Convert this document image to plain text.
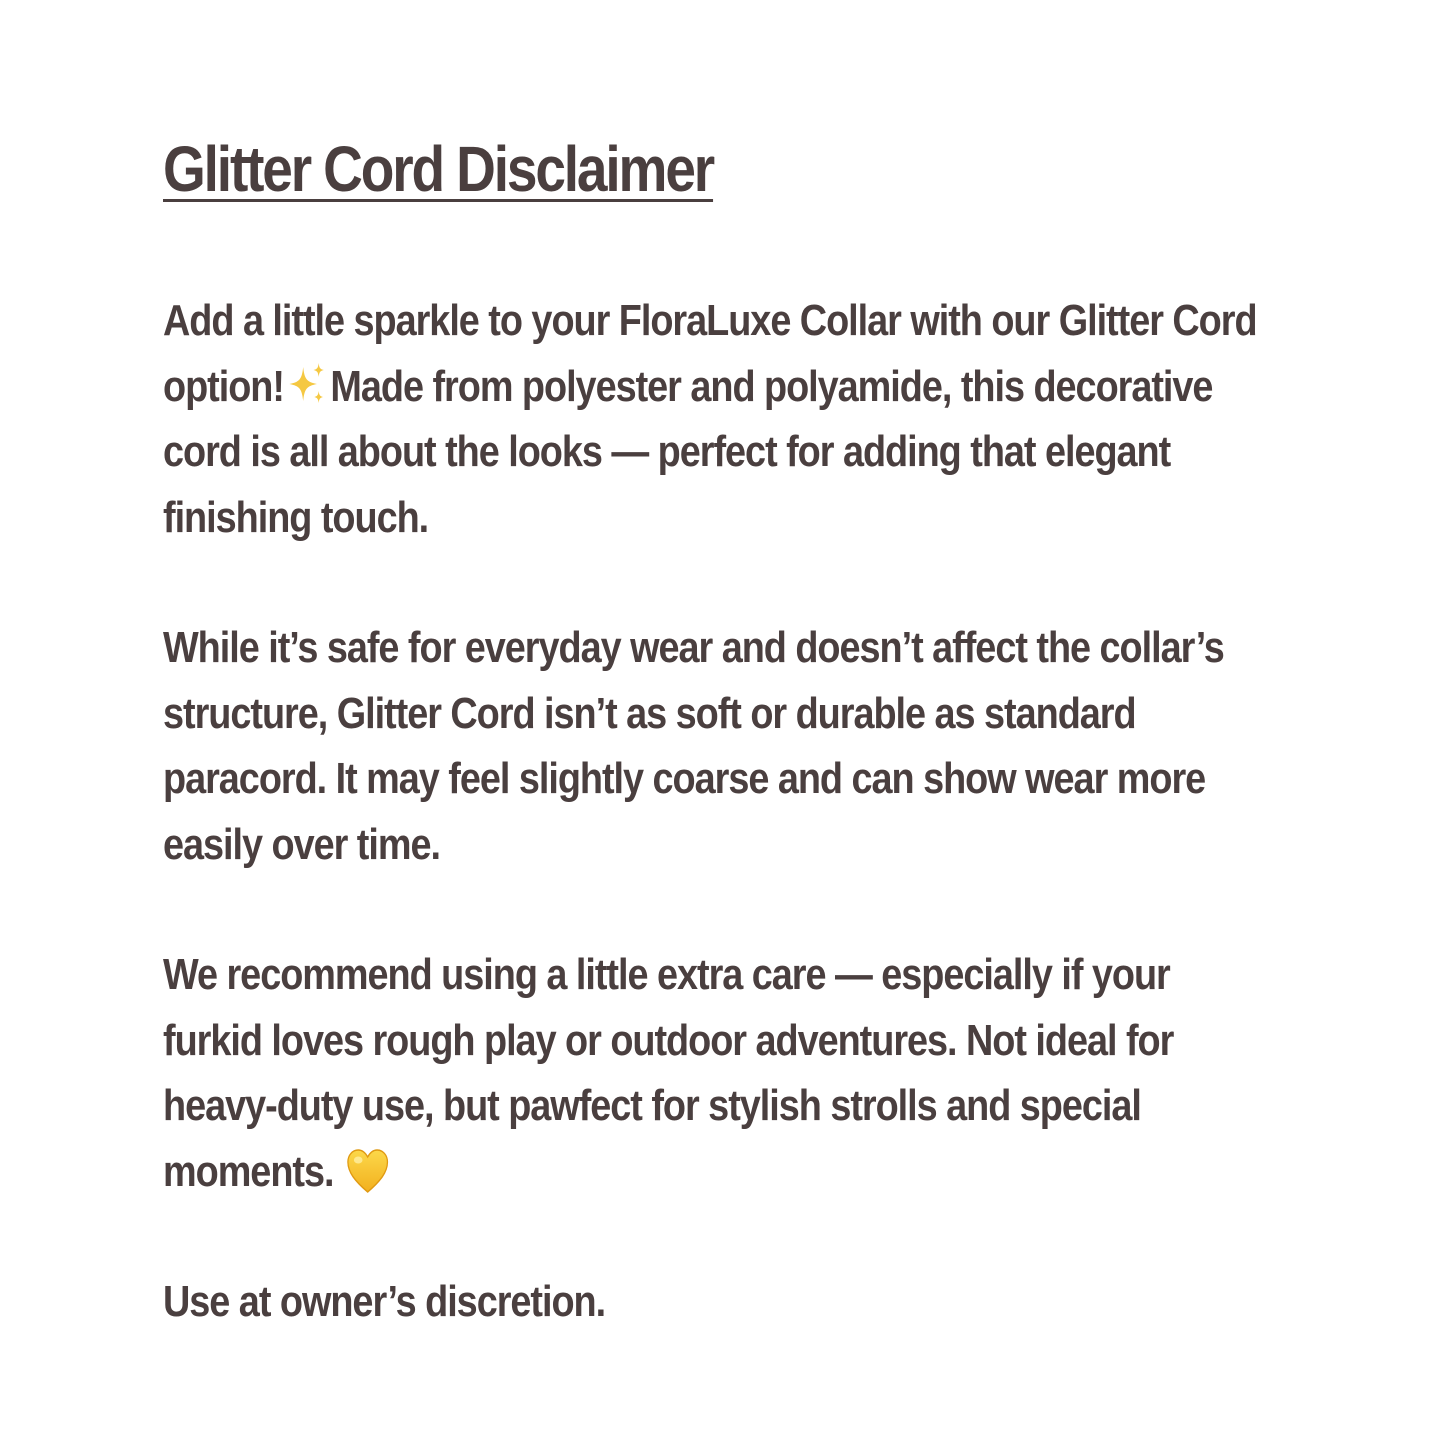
Glitter Cord Disclaimer

Add a little sparkle to your FloraLuxe Collar with our Glitter Cord
option! Made from polyester and polyamide, this decorative
cord is all about the looks — perfect for adding that elegant
finishing touch.

While it’s safe for everyday wear and doesn’t affect the collar’s
structure, Glitter Cord isn’t as soft or durable as standard
paracord. It may feel slightly coarse and can show wear more
easily over time.

We recommend using a little extra care — especially if your
furkid loves rough play or outdoor adventures. Not ideal for
heavy-duty use, but pawfect for stylish strolls and special
moments.

Use at owner’s discretion.
